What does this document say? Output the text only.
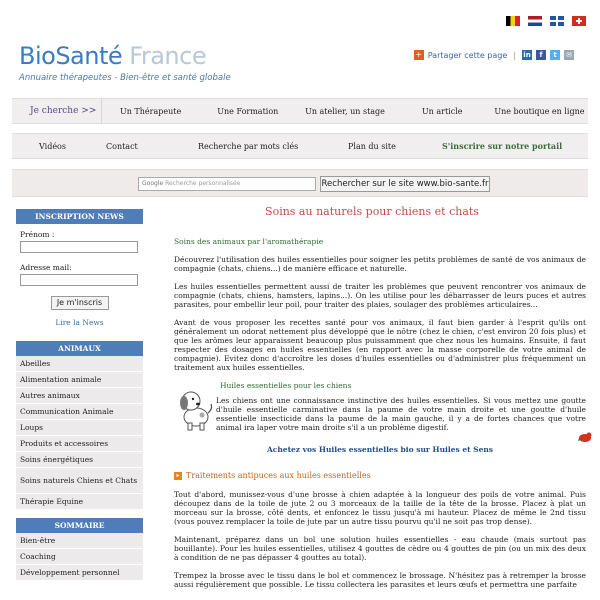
BioSanté France
Annuaire thérapeutes - Bien-être et santé globale
+ Partager cette page | in	f	t	✉
Je cherche >>	Un Thérapeute	Une Formation	Un atelier, un stage	Un article	Une boutique en ligne
Vidéos	Contact	Recherche par mots clés	Plan du site	S'inscrire sur notre portail
Google Recherche personnalisée	Rechercher sur le site www.bio-sante.fr
INSCRIPTION NEWS
Prénom :
Adresse mail:
Je m'inscris
Lire la News
ANIMAUX
Abeilles
Alimentation animale
Autres animaux
Communication Animale
Loups
Produits et accessoires
Soins énergétiques
Soins naturels Chiens et Chats
Thérapie Equine
SOMMAIRE
Bien-être
Coaching
Développement personnel
Soins au naturels pour chiens et chats
Soins des animaux par l'aromathérapie
Découvrez l'utilisation des huiles essentielles pour soigner les petits problèmes de santé de vos animaux de compagnie (chats, chiens...) de manière efficace et naturelle.
Les huiles essentielles permettent aussi de traiter les problèmes que peuvent rencontrer vos animaux de compagnie (chats, chiens, hamsters, lapins...). On les utilise pour les débarrasser de leurs puces et autres parasites, pour embellir leur poil, pour traiter des plaies, soulager des problèmes articulaires...
Avant de vous proposer les recettes santé pour vos animaux, il faut bien garder à l'esprit qu'ils ont généralement un odorat nettement plus développé que le nôtre (chez le chien, c'est environ 20 fois plus) et que les arômes leur apparaissent beaucoup plus puissamment que chez nous les humains. Ensuite, il faut respecter des dosages en huiles essentielles (en rapport avec la masse corporelle de votre animal de compagnie). Evitez donc d'accroître les doses d'huiles essentielles ou d'administrer plus fréquemment un traitement aux huiles essentielles.
Huiles essentielles pour les chiens
Les chiens ont une connaissance instinctive des huiles essentielles. Si vous mettez une goutte d'huile essentielle carminative dans la paume de votre main droite et une goutte d'huile essentielle insecticide dans la paume de la main gauche, il y a de fortes chances que votre animal ira laper votre main droite s'il a un problème digestif.
Achetez vos Huiles essentielles bio sur Huiles et Sens
▸ Traitements antipuces aux huiles essentielles
Tout d'abord, munissez-vous d'une brosse à chien adaptée à la longueur des poils de votre animal. Puis découpez dans de la toile de jute 2 ou 3 morceaux de la taille de la tête de la brosse. Placez à plat un morceau sur la brosse, côté dents, et enfoncez le tissu jusqu'à mi hauteur. Placez de même le 2nd tissu (vous pouvez remplacer la toile de jute par un autre tissu pourvu qu'il ne soit pas trop dense).
Maintenant, préparez dans un bol une solution huiles essentielles - eau chaude (mais surtout pas bouillante). Pour les huiles essentielles, utilisez 4 gouttes de cèdre ou 4 gouttes de pin (ou un mix des deux à condition de ne pas dépasser 4 gouttes au total).
Trempez la brosse avec le tissu dans le bol et commencez le brossage. N'hésitez pas à retremper la brosse aussi régulièrement que possible. Le tissu collectera les parasites et leurs œufs et permettra une parfaite
